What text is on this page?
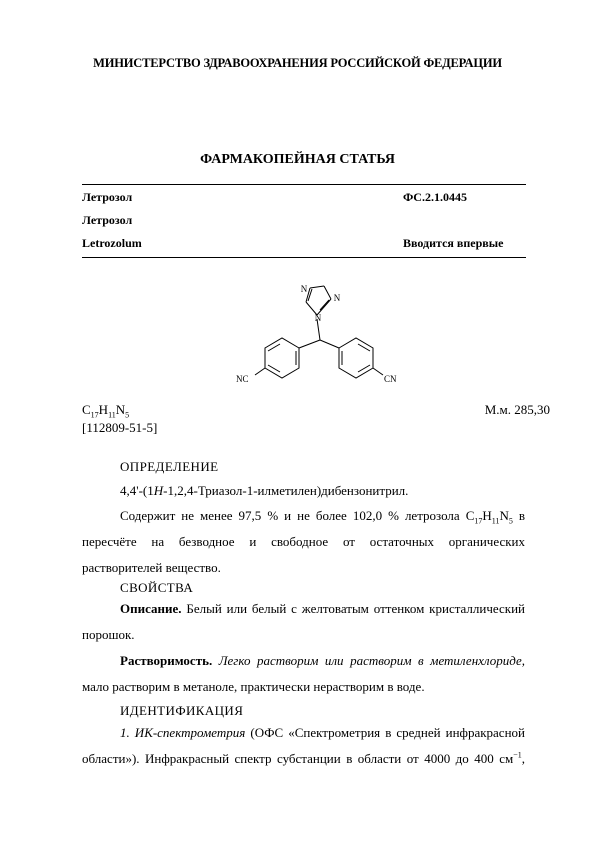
МИНИСТЕРСТВО ЗДРАВООХРАНЕНИЯ РОССИЙСКОЙ ФЕДЕРАЦИИ
ФАРМАКОПЕЙНАЯ СТАТЬЯ
Летрозол	ФС.2.1.0445
Летрозол
Letrozolum	Вводится впервые
N
N
N
NC	CN
$C_{17}H_{11}N_5$	М.м. 285,30
[112809-51-5]
ОПРЕДЕЛЕНИЕ
4,4'-(1H-1,2,4-Триазол-1-илметилен)дибензонитрил.
Содержит не менее 97,5 % и не более 102,0 % летрозола $C_{17}H_{11}N_5$ в
пересчёте на безводное и свободное от остаточных органических
растворителей вещество.
СВОЙСТВА
Описание. Белый или белый с желтоватым оттенком кристаллический
порошок.
Растворимость. Легко растворим или растворим в метиленхлориде,
мало растворим в метаноле, практически нерастворим в воде.
ИДЕНТИФИКАЦИЯ
1. ИК-спектрометрия (ОФС «Спектрометрия в средней инфракрасной
области»). Инфракрасный спектр субстанции в области от 4000 до 400 $см^{-1}$,
